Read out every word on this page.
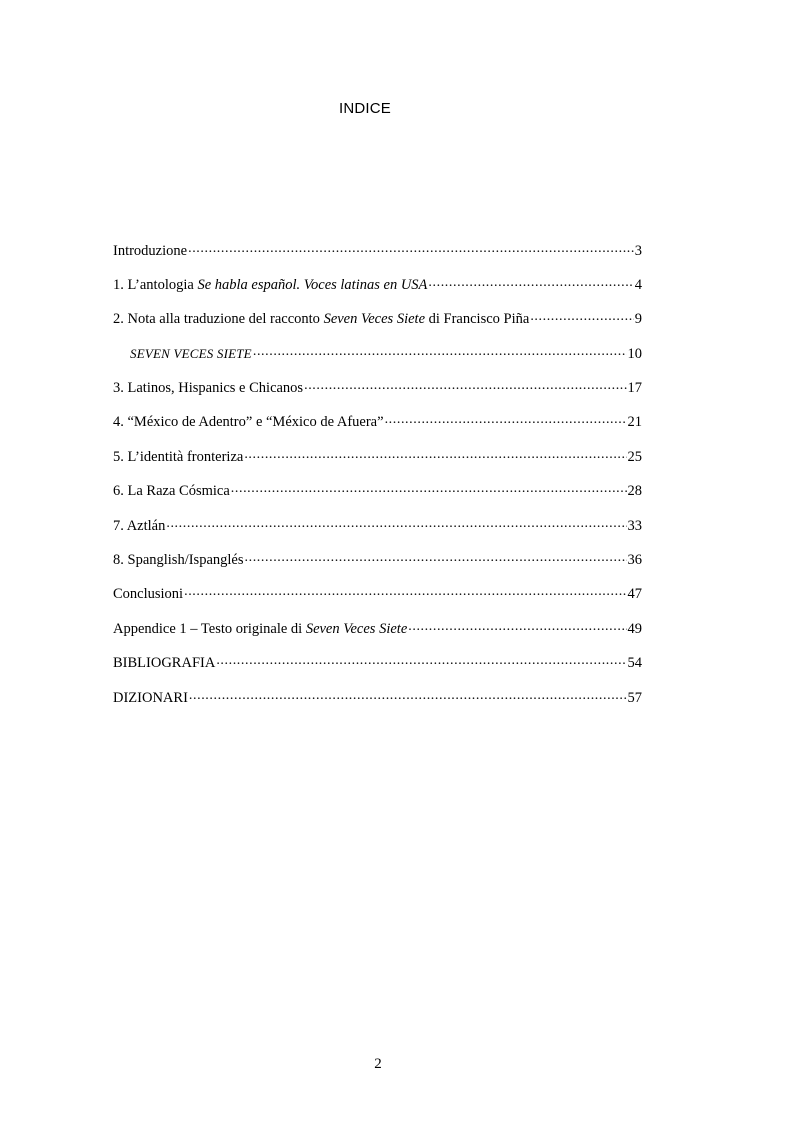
INDICE
Introduzione .....	3
1. L’antologia Se habla español. Voces latinas en USA .....	4
2. Nota alla traduzione del racconto Seven Veces Siete di Francisco Piña .....	9
SEVEN VECES SIETE .....	10
3. Latinos, Hispanics e Chicanos .....	17
4. “México de Adentro” e “México de Afuera” .....	21
5. L’identità fronteriza .....	25
6. La Raza Cósmica .....	28
7. Aztlán .....	33
8. Spanglish/Ispanglés .....	36
Conclusioni .....	47
Appendice 1 – Testo originale di Seven Veces Siete .....	49
BIBLIOGRAFIA .....	54
DIZIONARI .....	57
2
